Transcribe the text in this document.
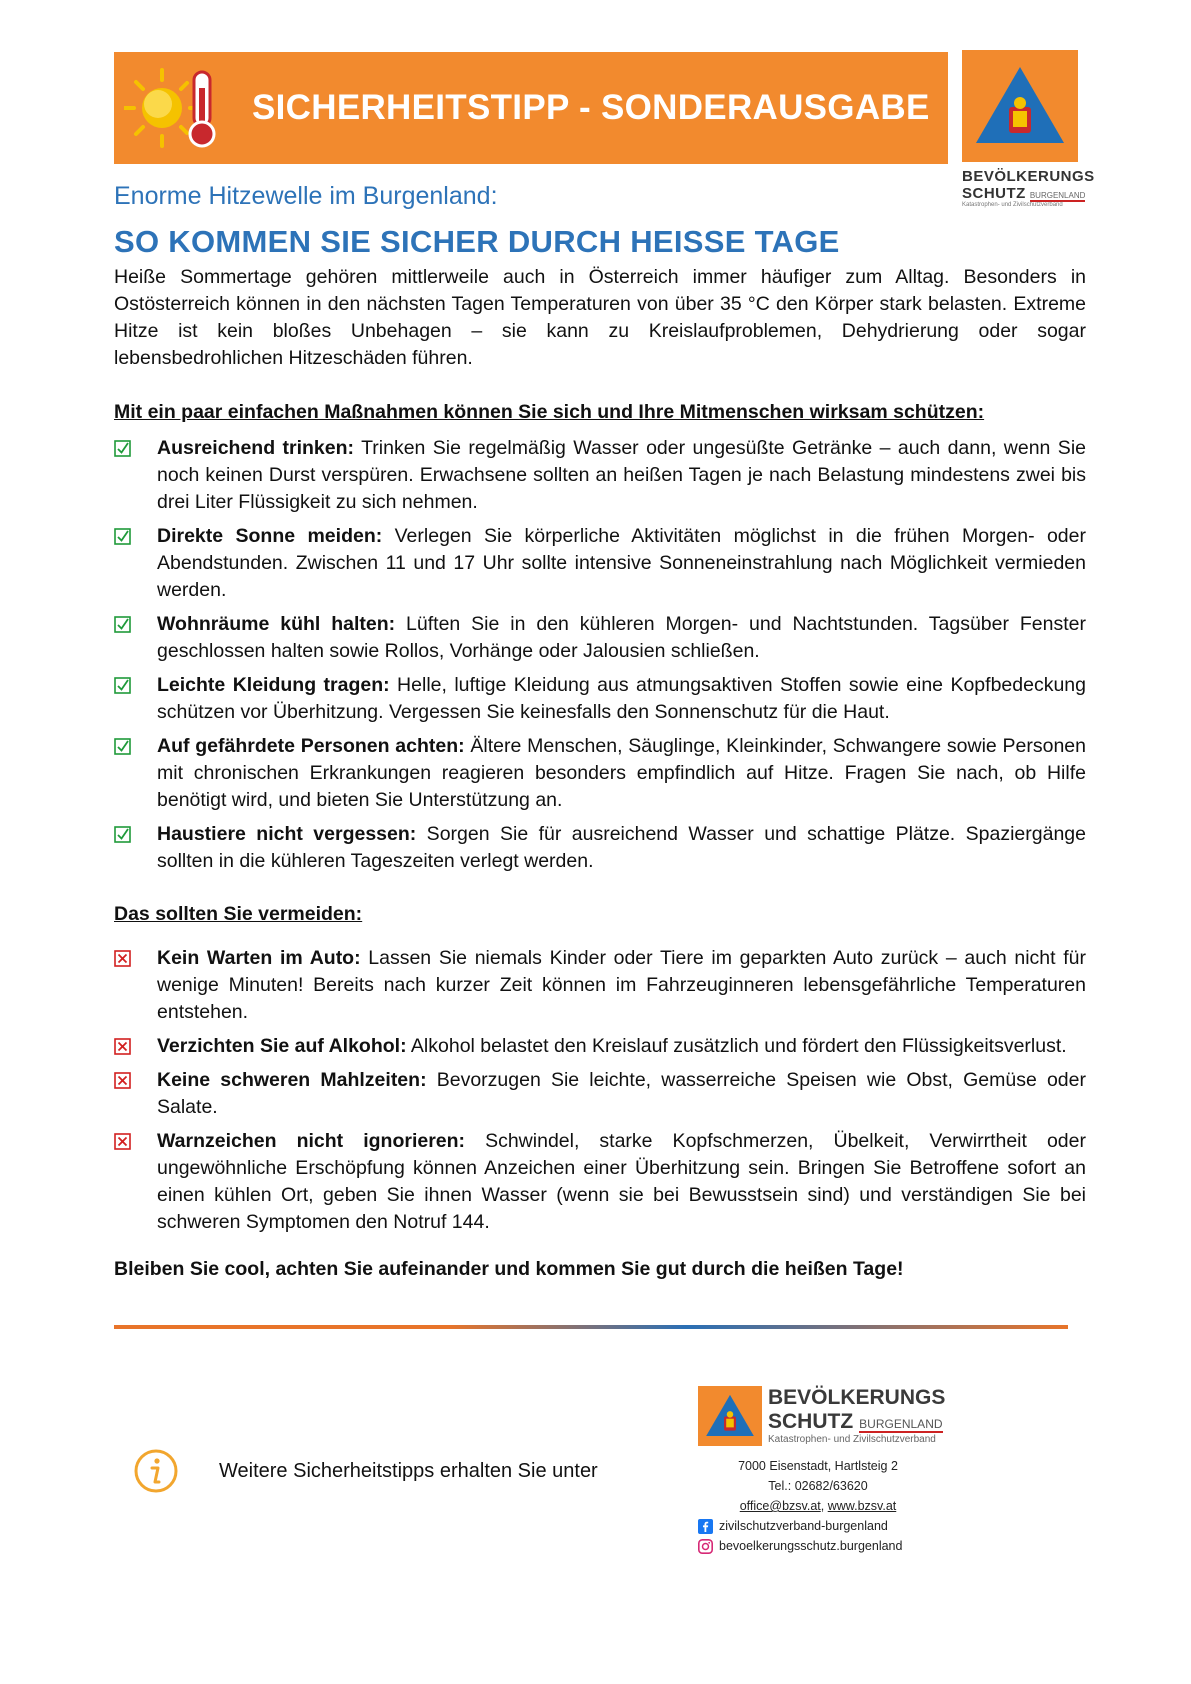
SICHERHEITSTIPP - SONDERAUSGABE
BEVÖLKERUNGS
SCHUTZ BURGENLAND
Katastrophen- und Zivilschutzverband
Enorme Hitzewelle im Burgenland:
SO KOMMEN SIE SICHER DURCH HEISSE TAGE

Heiße Sommertage gehören mittlerweile auch in Österreich immer häufiger zum Alltag. Besonders in Ostösterreich können in den nächsten Tagen Temperaturen von über 35 °C den Körper stark belasten. Extreme Hitze ist kein bloßes Unbehagen – sie kann zu Kreislaufproblemen, Dehydrierung oder sogar lebensbedrohlichen Hitzeschäden führen.

Mit ein paar einfachen Maßnahmen können Sie sich und Ihre Mitmenschen wirksam schützen:

Ausreichend trinken: Trinken Sie regelmäßig Wasser oder ungesüßte Getränke – auch dann, wenn Sie noch keinen Durst verspüren. Erwachsene sollten an heißen Tagen je nach Belastung mindestens zwei bis drei Liter Flüssigkeit zu sich nehmen.
Direkte Sonne meiden: Verlegen Sie körperliche Aktivitäten möglichst in die frühen Morgen- oder Abendstunden. Zwischen 11 und 17 Uhr sollte intensive Sonneneinstrahlung nach Möglichkeit vermieden werden.
Wohnräume kühl halten: Lüften Sie in den kühleren Morgen- und Nachtstunden. Tagsüber Fenster geschlossen halten sowie Rollos, Vorhänge oder Jalousien schließen.
Leichte Kleidung tragen: Helle, luftige Kleidung aus atmungsaktiven Stoffen sowie eine Kopfbedeckung schützen vor Überhitzung. Vergessen Sie keinesfalls den Sonnenschutz für die Haut.
Auf gefährdete Personen achten: Ältere Menschen, Säuglinge, Kleinkinder, Schwangere sowie Personen mit chronischen Erkrankungen reagieren besonders empfindlich auf Hitze. Fragen Sie nach, ob Hilfe benötigt wird, und bieten Sie Unterstützung an.
Haustiere nicht vergessen: Sorgen Sie für ausreichend Wasser und schattige Plätze. Spaziergänge sollten in die kühleren Tageszeiten verlegt werden.

Das sollten Sie vermeiden:

Kein Warten im Auto: Lassen Sie niemals Kinder oder Tiere im geparkten Auto zurück – auch nicht für wenige Minuten! Bereits nach kurzer Zeit können im Fahrzeuginneren lebensgefährliche Temperaturen entstehen.
Verzichten Sie auf Alkohol: Alkohol belastet den Kreislauf zusätzlich und fördert den Flüssigkeitsverlust.
Keine schweren Mahlzeiten: Bevorzugen Sie leichte, wasserreiche Speisen wie Obst, Gemüse oder Salate.
Warnzeichen nicht ignorieren: Schwindel, starke Kopfschmerzen, Übelkeit, Verwirrtheit oder ungewöhnliche Erschöpfung können Anzeichen einer Überhitzung sein. Bringen Sie Betroffene sofort an einen kühlen Ort, geben Sie ihnen Wasser (wenn sie bei Bewusstsein sind) und verständigen Sie bei schweren Symptomen den Notruf 144.

Bleiben Sie cool, achten Sie aufeinander und kommen Sie gut durch die heißen Tage!

Weitere Sicherheitstipps erhalten Sie unter
BEVÖLKERUNGS
SCHUTZ BURGENLAND
Katastrophen- und Zivilschutzverband
7000 Eisenstadt, Hartlsteig 2
Tel.: 02682/63620
office@bzsv.at, www.bzsv.at
zivilschutzverband-burgenland
bevoelkerungsschutz.burgenland
